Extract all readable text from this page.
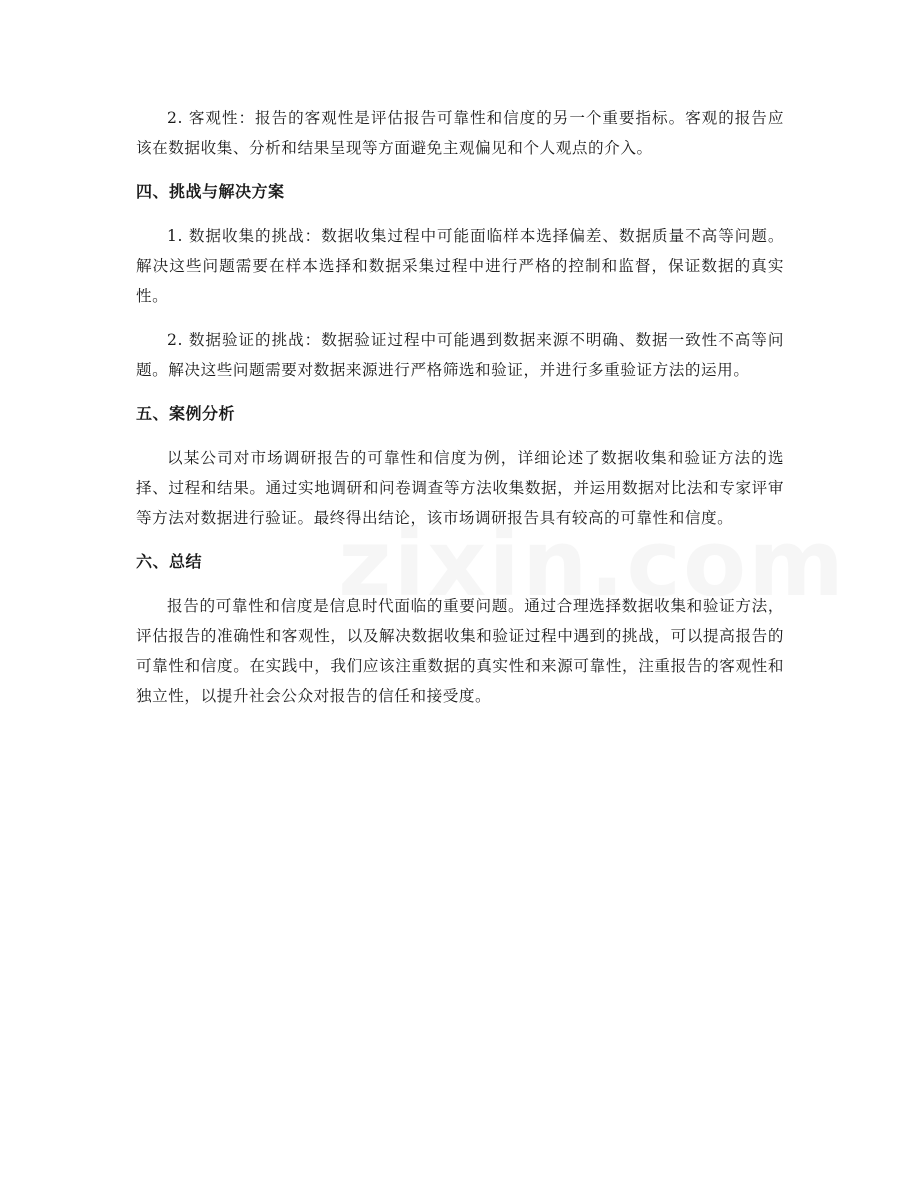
2. 客观性：报告的客观性是评估报告可靠性和信度的另一个重要指标。客观的报告应该在数据收集、分析和结果呈现等方面避免主观偏见和个人观点的介入。

四、挑战与解决方案

1. 数据收集的挑战：数据收集过程中可能面临样本选择偏差、数据质量不高等问题。解决这些问题需要在样本选择和数据采集过程中进行严格的控制和监督，保证数据的真实性。

2. 数据验证的挑战：数据验证过程中可能遇到数据来源不明确、数据一致性不高等问题。解决这些问题需要对数据来源进行严格筛选和验证，并进行多重验证方法的运用。

五、案例分析

以某公司对市场调研报告的可靠性和信度为例，详细论述了数据收集和验证方法的选择、过程和结果。通过实地调研和问卷调查等方法收集数据，并运用数据对比法和专家评审等方法对数据进行验证。最终得出结论，该市场调研报告具有较高的可靠性和信度。

六、总结

报告的可靠性和信度是信息时代面临的重要问题。通过合理选择数据收集和验证方法，评估报告的准确性和客观性，以及解决数据收集和验证过程中遇到的挑战，可以提高报告的可靠性和信度。在实践中，我们应该注重数据的真实性和来源可靠性，注重报告的客观性和独立性，以提升社会公众对报告的信任和接受度。
